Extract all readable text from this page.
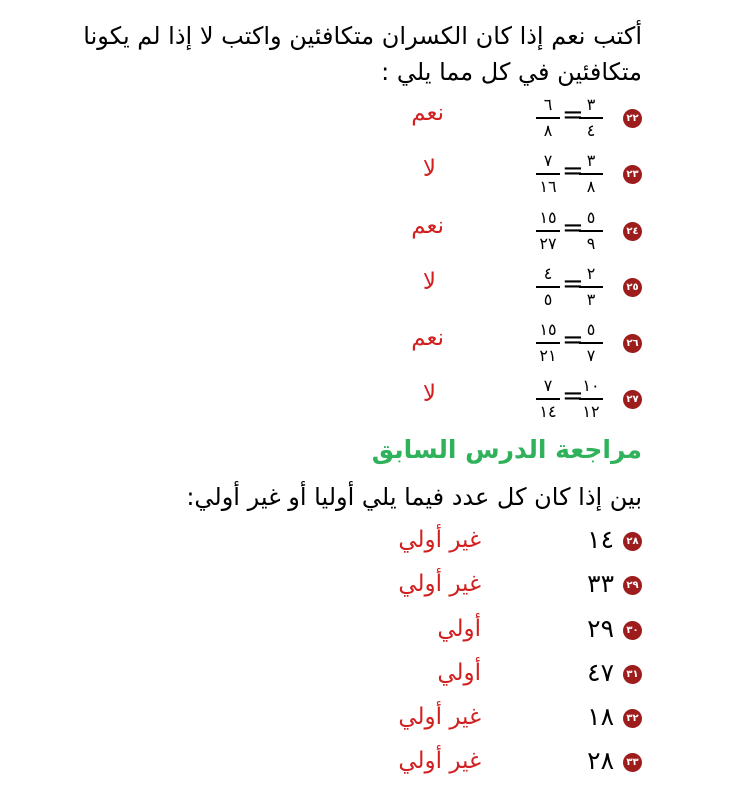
أكتب نعم إذا كان الكسران متكافئين واكتب لا إذا لم يكونا

متكافئين في كل مما يلي :

٢٢
٣
٤
=
٦
٨
نعم
٢٣
٣
٨
=
٧
١٦
لا
٢٤
٥
٩
=
١٥
٢٧
نعم
٢٥
٢
٣
=
٤
٥
لا
٢٦
٥
٧
=
١٥
٢١
نعم
٢٧
١٠
١٢
=
٧
١٤
لا
مراجعة الدرس السابق
بين إذا كان كل عدد فيما يلي أوليا أو غير أولي:
٢٨
١٤
غير أولي
٢٩
٣٣
غير أولي
٣٠
٢٩
أولي
٣١
٤٧
أولي
٣٢
١٨
غير أولي
٣٣
٢٨
غير أولي
